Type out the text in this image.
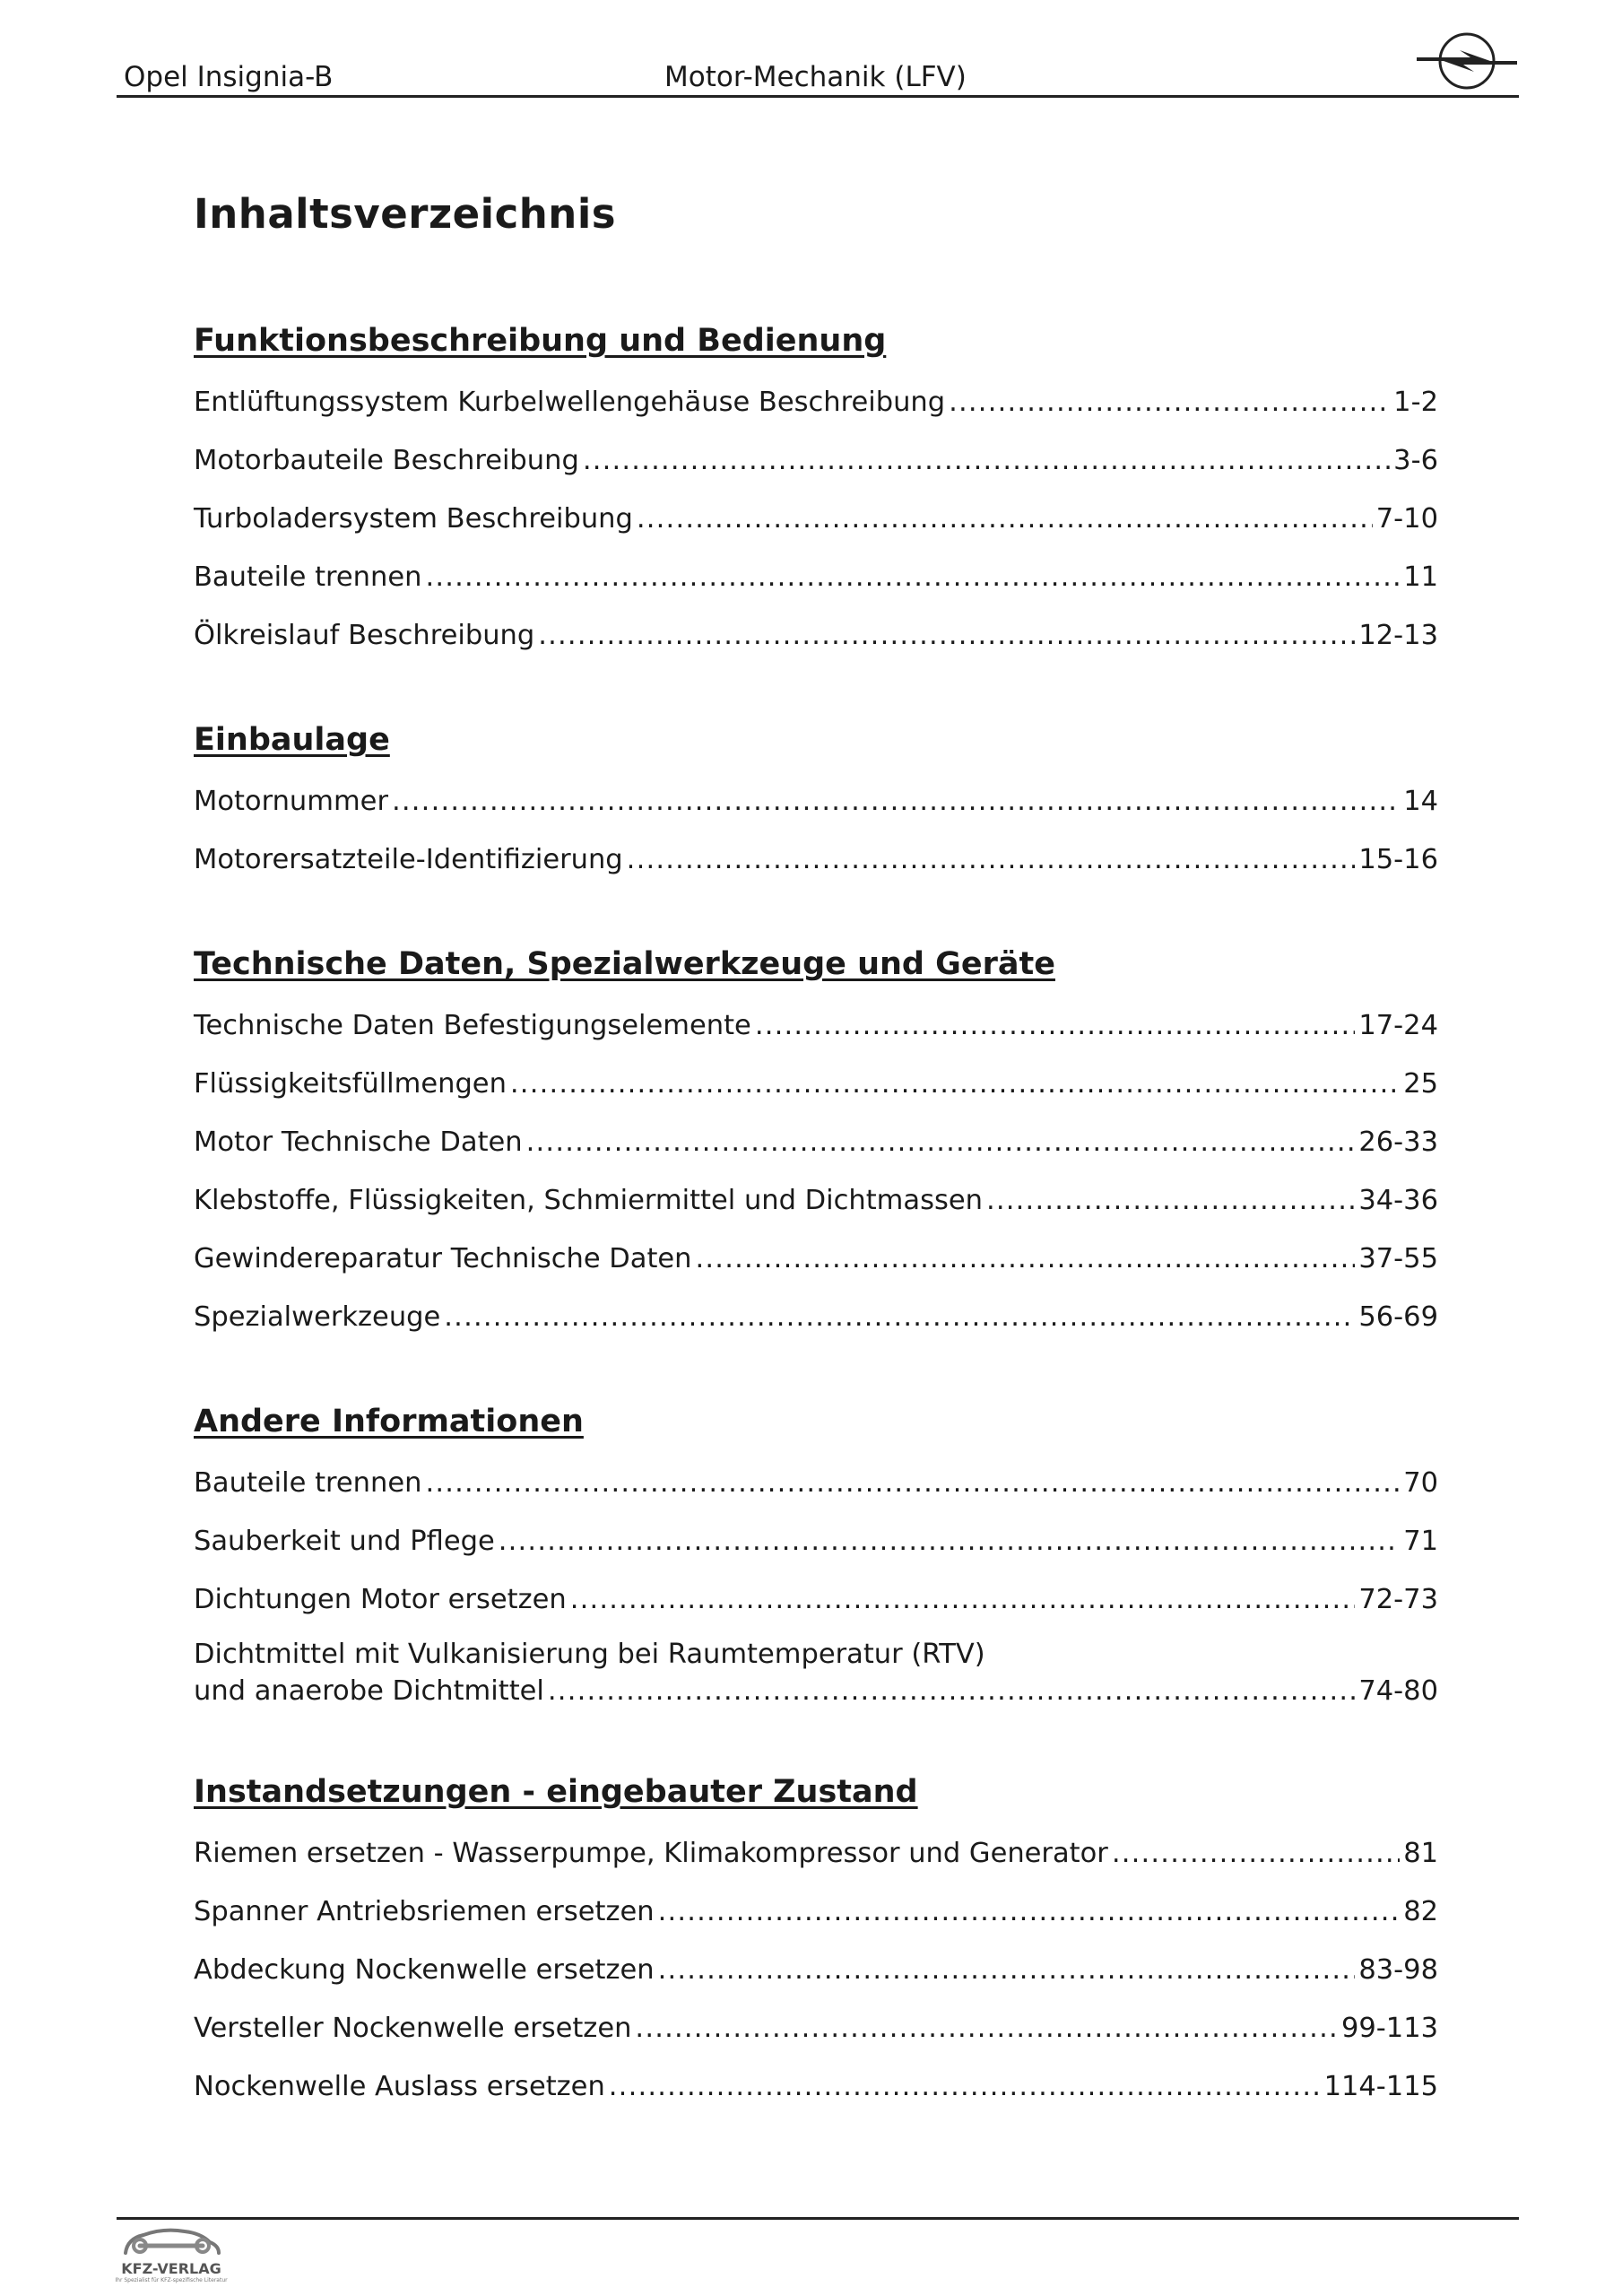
Opel Insignia-B	Motor-Mechanik (LFV)
Inhaltsverzeichnis
Funktionsbeschreibung und Bedienung
Entlüftungssystem Kurbelwellengehäuse Beschreibung .....	1-2
Motorbauteile Beschreibung .....	3-6
Turboladersystem Beschreibung .....	7-10
Bauteile trennen .....	11
Ölkreislauf Beschreibung .....	12-13
Einbaulage
Motornummer .....	14
Motorersatzteile-Identifizierung .....	15-16
Technische Daten, Spezialwerkzeuge und Geräte
Technische Daten Befestigungselemente .....	17-24
Flüssigkeitsfüllmengen .....	25
Motor Technische Daten .....	26-33
Klebstoffe, Flüssigkeiten, Schmiermittel und Dichtmassen .....	34-36
Gewindereparatur Technische Daten .....	37-55
Spezialwerkzeuge .....	56-69
Andere Informationen
Bauteile trennen .....	70
Sauberkeit und Pflege .....	71
Dichtungen Motor ersetzen .....	72-73
Dichtmittel mit Vulkanisierung bei Raumtemperatur (RTV)
und anaerobe Dichtmittel .....	74-80
Instandsetzungen - eingebauter Zustand
Riemen ersetzen - Wasserpumpe, Klimakompressor und Generator .....	81
Spanner Antriebsriemen ersetzen .....	82
Abdeckung Nockenwelle ersetzen .....	83-98
Versteller Nockenwelle ersetzen .....	99-113
Nockenwelle Auslass ersetzen .....	114-115
KFZ-VERLAG
Ihr Spezialist für KFZ-spezifische Literatur
